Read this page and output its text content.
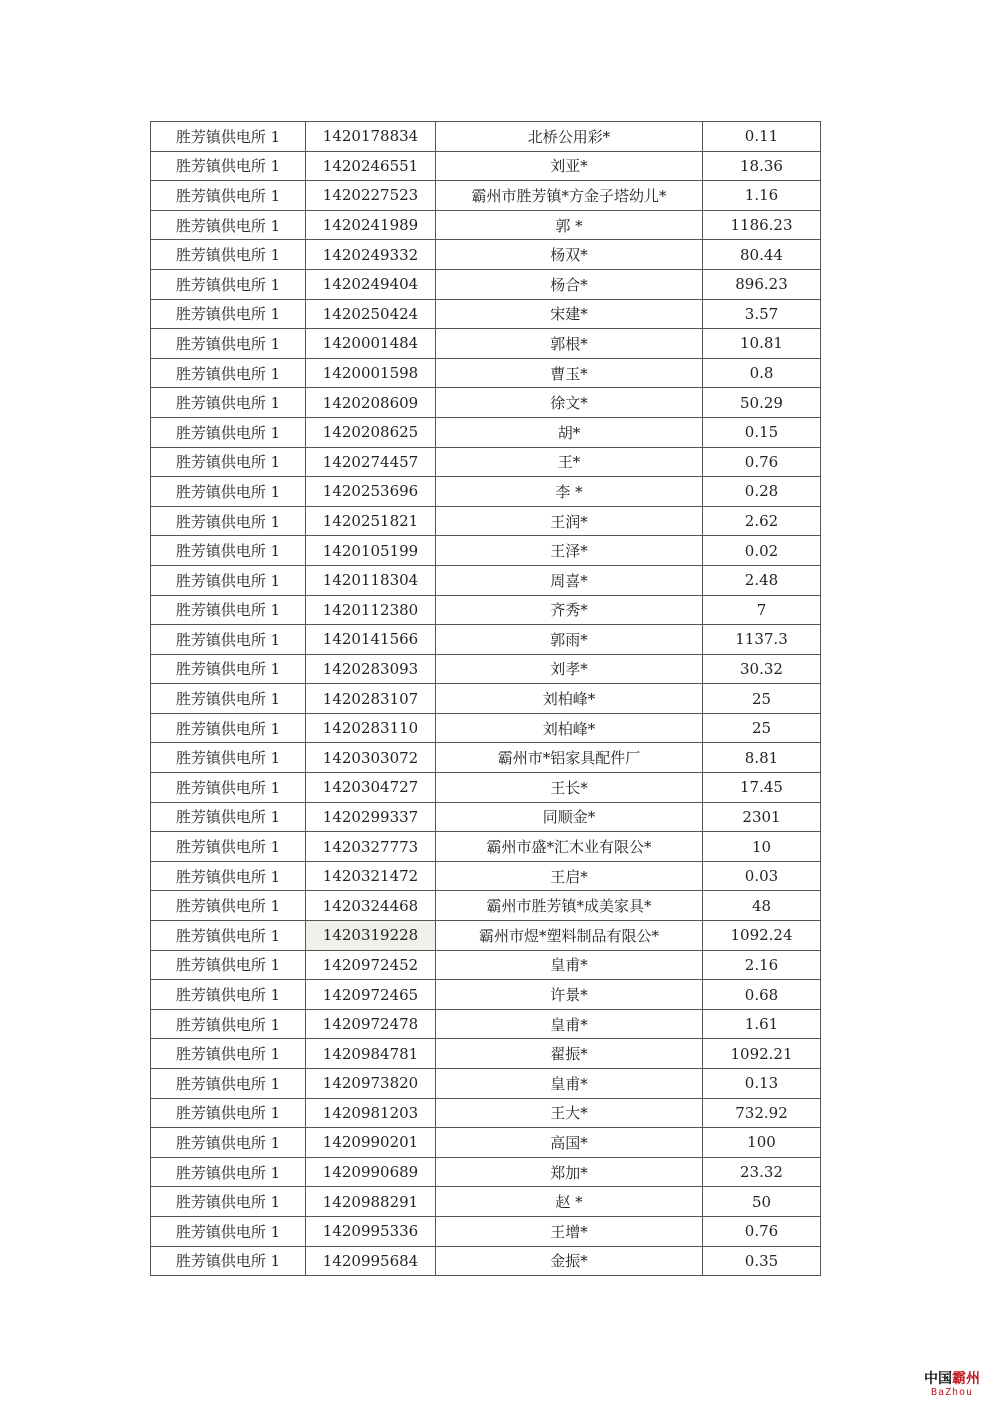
胜芳镇供电所 1	1420178834	北桥公用彩*	0.11
胜芳镇供电所 1	1420246551	刘亚*	18.36
胜芳镇供电所 1	1420227523	霸州市胜芳镇*方金子塔幼儿*	1.16
胜芳镇供电所 1	1420241989	郭 *	1186.23
胜芳镇供电所 1	1420249332	杨双*	80.44
胜芳镇供电所 1	1420249404	杨合*	896.23
胜芳镇供电所 1	1420250424	宋建*	3.57
胜芳镇供电所 1	1420001484	郭根*	10.81
胜芳镇供电所 1	1420001598	曹玉*	0.8
胜芳镇供电所 1	1420208609	徐文*	50.29
胜芳镇供电所 1	1420208625	胡*	0.15
胜芳镇供电所 1	1420274457	王*	0.76
胜芳镇供电所 1	1420253696	李 *	0.28
胜芳镇供电所 1	1420251821	王润*	2.62
胜芳镇供电所 1	1420105199	王泽*	0.02
胜芳镇供电所 1	1420118304	周喜*	2.48
胜芳镇供电所 1	1420112380	齐秀*	7
胜芳镇供电所 1	1420141566	郭雨*	1137.3
胜芳镇供电所 1	1420283093	刘孝*	30.32
胜芳镇供电所 1	1420283107	刘柏峰*	25
胜芳镇供电所 1	1420283110	刘柏峰*	25
胜芳镇供电所 1	1420303072	霸州市*铝家具配件厂	8.81
胜芳镇供电所 1	1420304727	王长*	17.45
胜芳镇供电所 1	1420299337	同顺金*	2301
胜芳镇供电所 1	1420327773	霸州市盛*汇木业有限公*	10
胜芳镇供电所 1	1420321472	王启*	0.03
胜芳镇供电所 1	1420324468	霸州市胜芳镇*成美家具*	48
胜芳镇供电所 1	1420319228	霸州市煜*塑料制品有限公*	1092.24
胜芳镇供电所 1	1420972452	皇甫*	2.16
胜芳镇供电所 1	1420972465	许景*	0.68
胜芳镇供电所 1	1420972478	皇甫*	1.61
胜芳镇供电所 1	1420984781	翟振*	1092.21
胜芳镇供电所 1	1420973820	皇甫*	0.13
胜芳镇供电所 1	1420981203	王大*	732.92
胜芳镇供电所 1	1420990201	高国*	100
胜芳镇供电所 1	1420990689	郑加*	23.32
胜芳镇供电所 1	1420988291	赵 *	50
胜芳镇供电所 1	1420995336	王增*	0.76
胜芳镇供电所 1	1420995684	金振*	0.35
中国霸州
BaZhou
